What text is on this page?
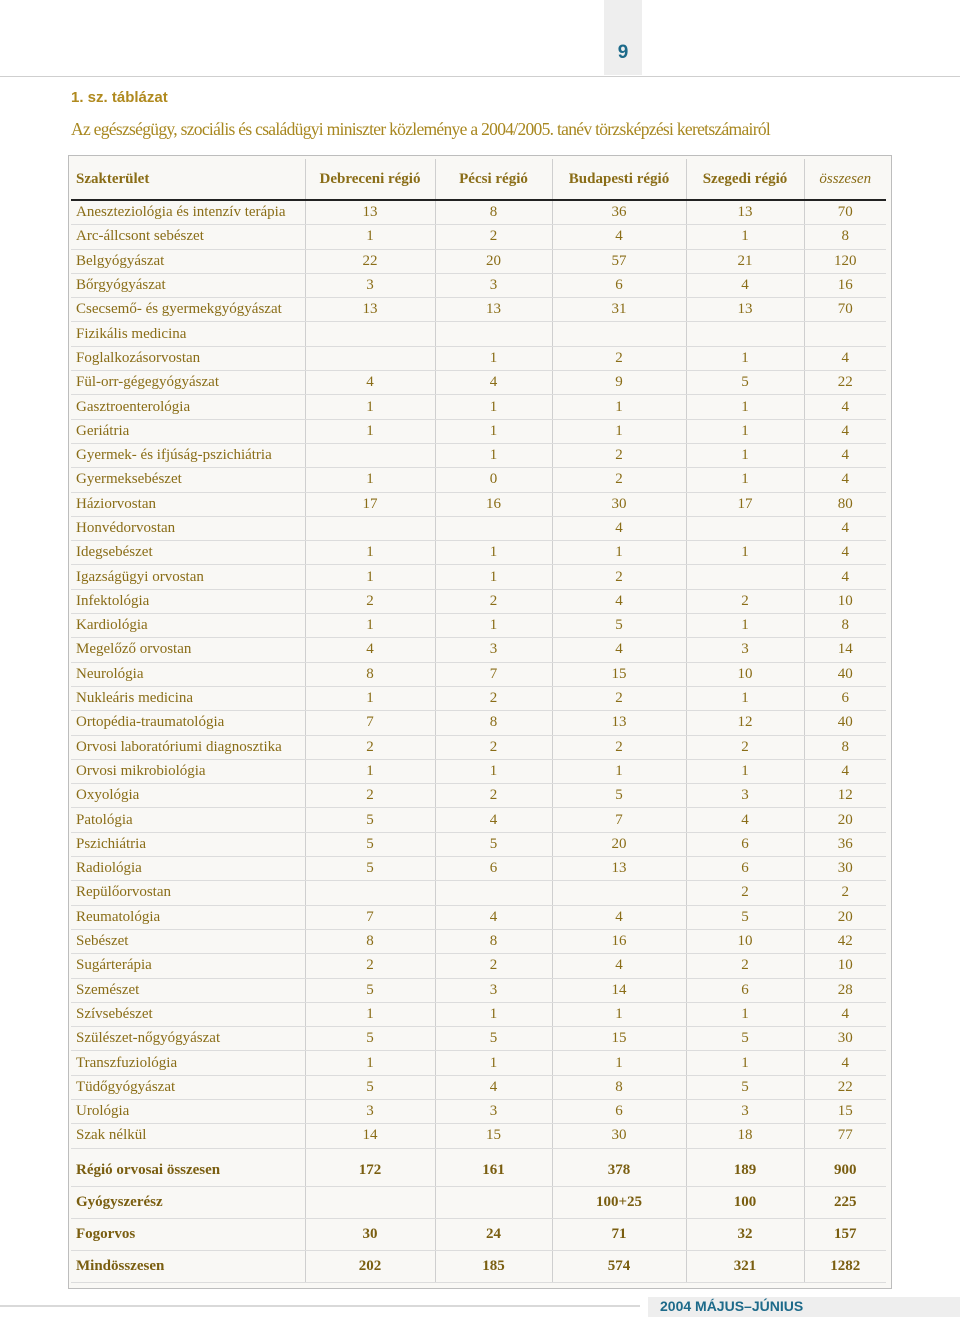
9
1. sz. táblázat
Az egészségügy, szociális és családügyi miniszter közleménye a 2004/2005. tanév törzsképzési keretszámairól
Szakterület	Debreceni régió	Pécsi régió	Budapesti régió	Szegedi régió	összesen
Aneszteziológia és intenzív terápia	13	8	36	13	70
Arc-állcsont sebészet	1	2	4	1	8
Belgyógyászat	22	20	57	21	120
Bőrgyógyászat	3	3	6	4	16
Csecsemő- és gyermekgyógyászat	13	13	31	13	70
Fizikális medicina					
Foglalkozásorvostan		1	2	1	4
Fül-orr-gégegyógyászat	4	4	9	5	22
Gasztroenterológia	1	1	1	1	4
Geriátria	1	1	1	1	4
Gyermek- és ifjúság-pszichiátria		1	2	1	4
Gyermeksebészet	1	0	2	1	4
Háziorvostan	17	16	30	17	80
Honvédorvostan			4		4
Idegsebészet	1	1	1	1	4
Igazságügyi orvostan	1	1	2		4
Infektológia	2	2	4	2	10
Kardiológia	1	1	5	1	8
Megelőző orvostan	4	3	4	3	14
Neurológia	8	7	15	10	40
Nukleáris medicina	1	2	2	1	6
Ortopédia-traumatológia	7	8	13	12	40
Orvosi laboratóriumi diagnosztika	2	2	2	2	8
Orvosi mikrobiológia	1	1	1	1	4
Oxyológia	2	2	5	3	12
Patológia	5	4	7	4	20
Pszichiátria	5	5	20	6	36
Radiológia	5	6	13	6	30
Repülőorvostan				2	2
Reumatológia	7	4	4	5	20
Sebészet	8	8	16	10	42
Sugárterápia	2	2	4	2	10
Szemészet	5	3	14	6	28
Szívsebészet	1	1	1	1	4
Szülészet-nőgyógyászat	5	5	15	5	30
Transzfuziológia	1	1	1	1	4
Tüdőgyógyászat	5	4	8	5	22
Urológia	3	3	6	3	15
Szak nélkül	14	15	30	18	77

Régió orvosai összesen	172	161	378	189	900
Gyógyszerész			100+25	100	225
Fogorvos	30	24	71	32	157
Mindösszesen	202	185	574	321	1282
2004 MÁJUS–JÚNIUS
